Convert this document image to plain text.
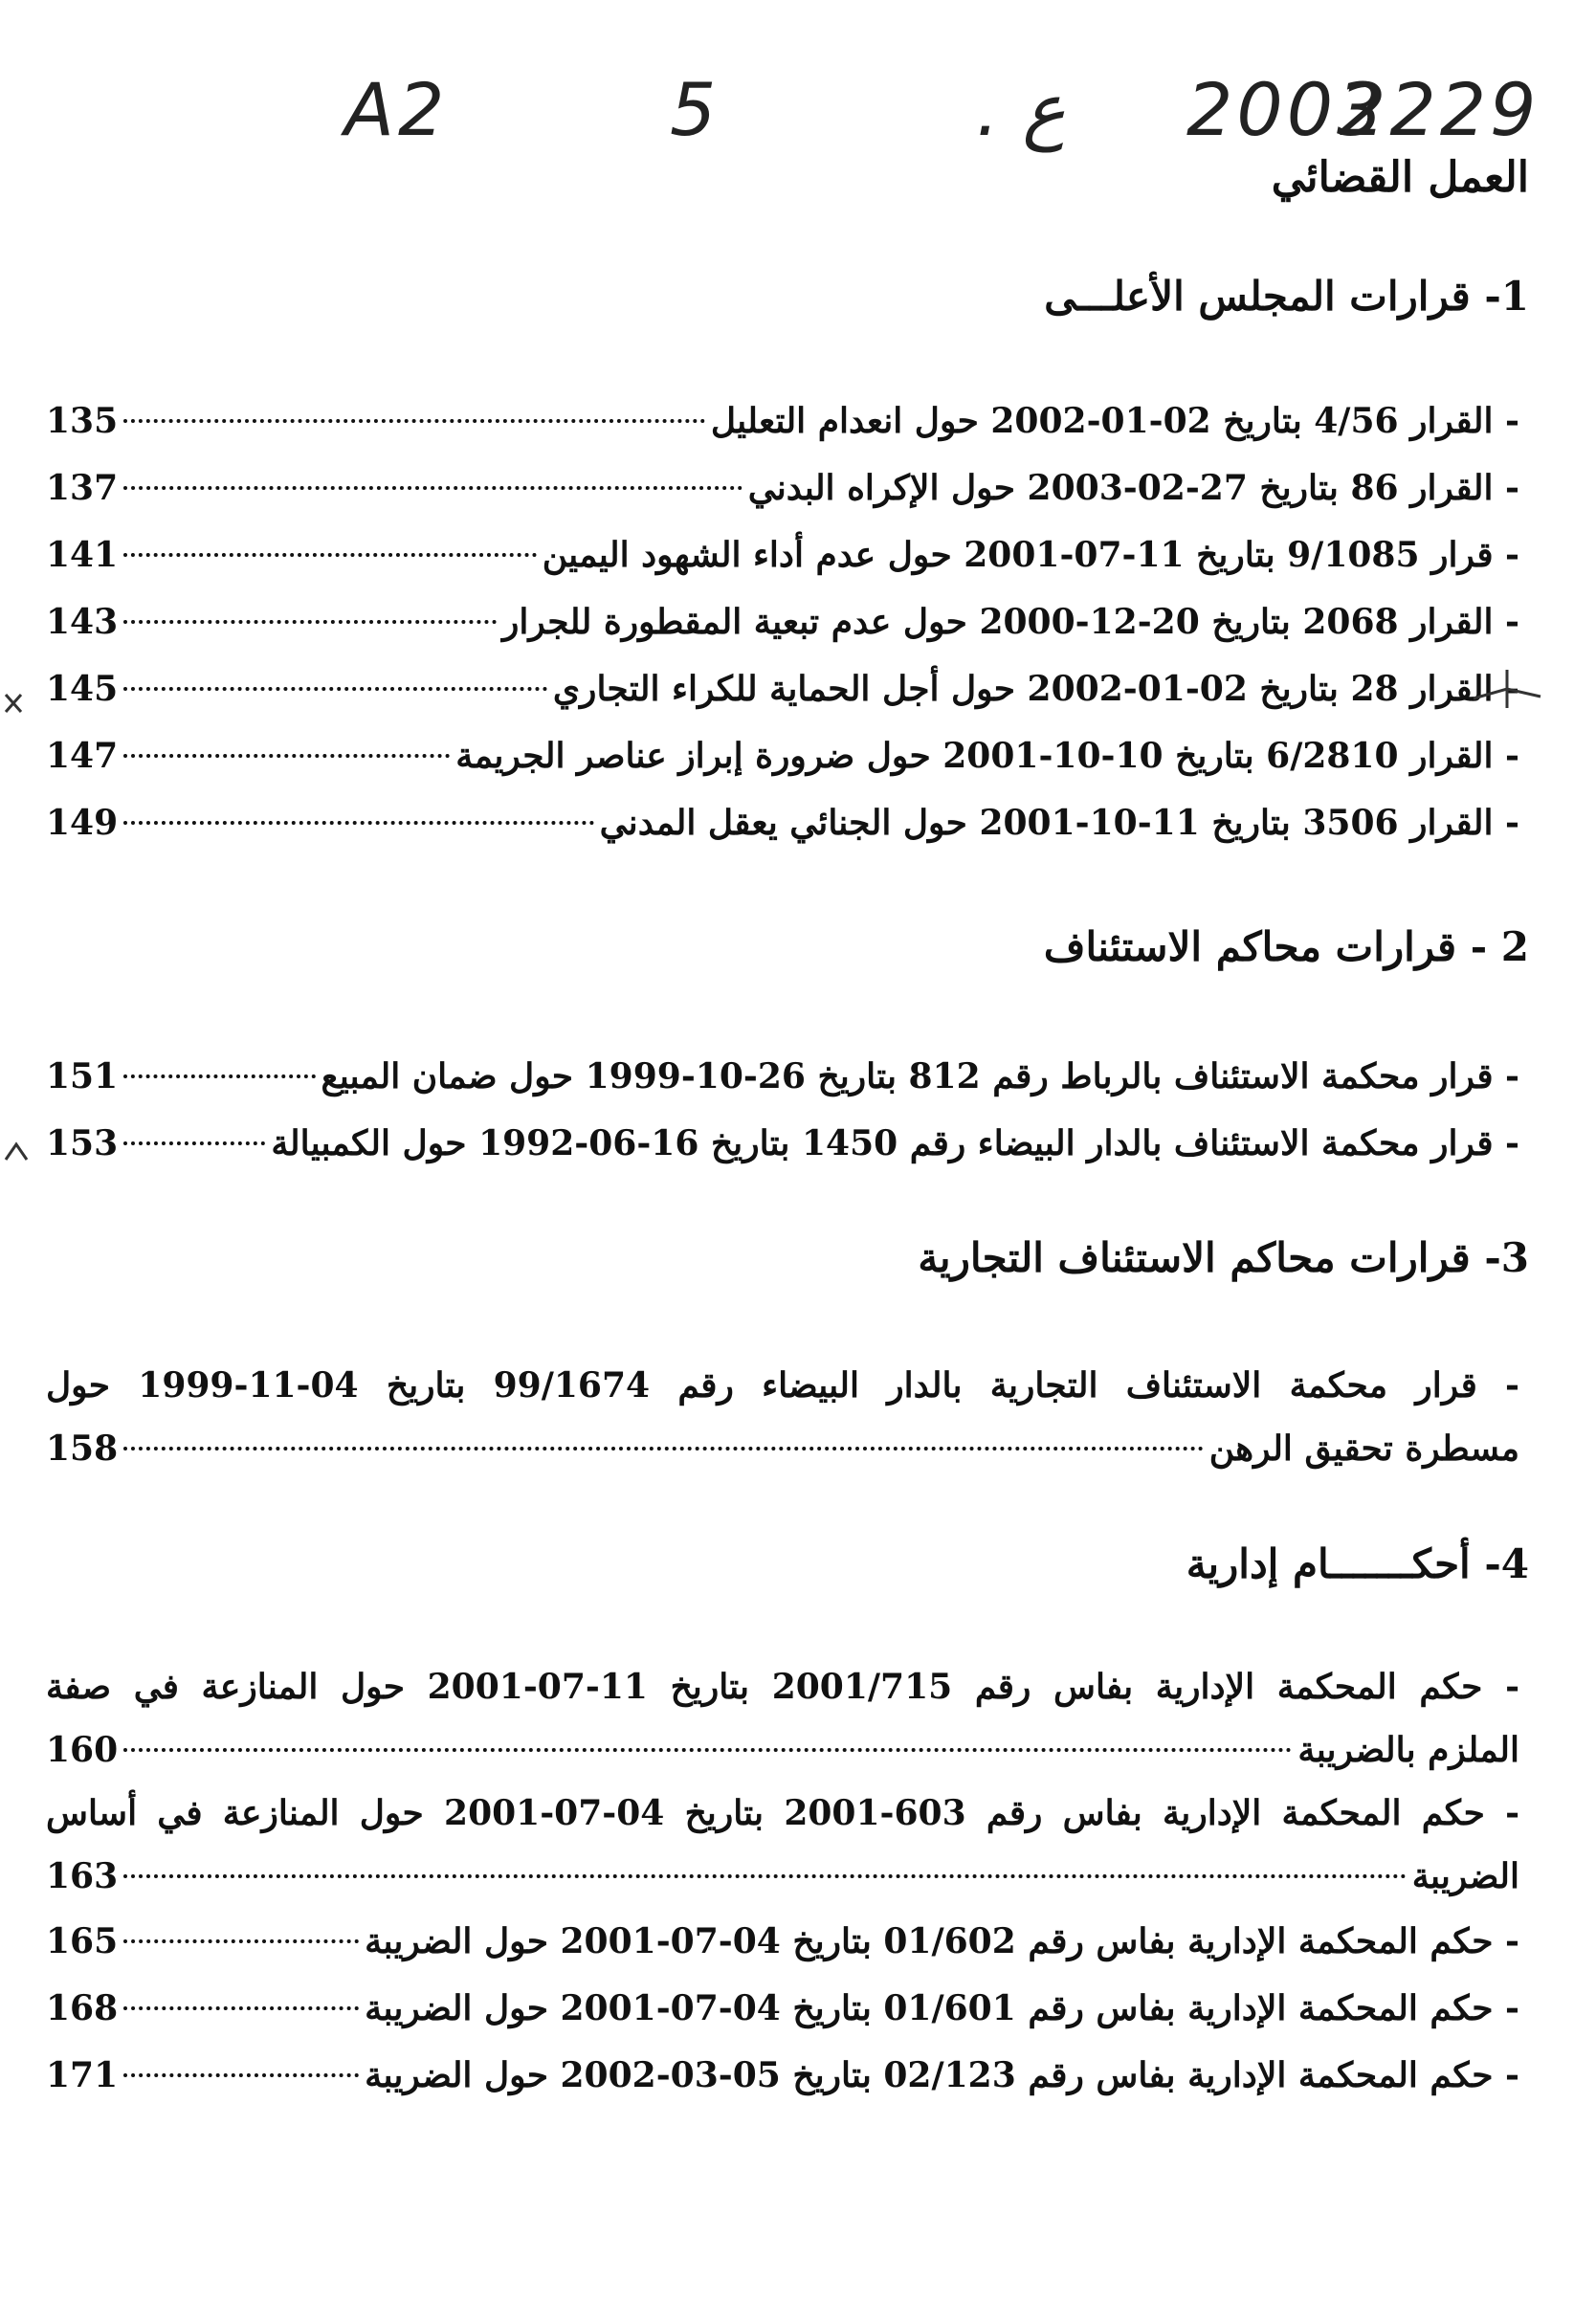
A2	5	. ع 2003
2229
العمل القضائي
1- قرارات المجلس الأعلـــى
- القرار 4/56 بتاريخ 02-01-2002 حول انعدام التعليل
135
- القرار 86 بتاريخ 27-02-2003 حول الإكراه البدني
137
- قرار 9/1085 بتاريخ 11-07-2001 حول عدم أداء الشهود اليمين
141
- القرار 2068 بتاريخ 20-12-2000 حول عدم تبعية المقطورة للجرار
143
- القرار 28 بتاريخ 02-01-2002 حول أجل الحماية للكراء التجاري
145
- القرار 6/2810 بتاريخ 10-10-2001 حول ضرورة إبراز عناصر الجريمة
147
- القرار 3506 بتاريخ 11-10-2001 حول الجنائي يعقل المدني
149
2 - قرارات محاكم الاستئناف
- قرار محكمة الاستئناف بالرباط رقم 812 بتاريخ 26-10-1999 حول ضمان المبيع
151
- قرار محكمة الاستئناف بالدار البيضاء رقم 1450 بتاريخ 16-06-1992 حول الكمبيالة
153
3- قرارات محاكم الاستئناف التجارية
- قرار محكمة الاستئناف التجارية بالدار البيضاء رقم 99/1674 بتاريخ 04-11-1999 حول
مسطرة تحقيق الرهن
158
4- أحكـــــــام إدارية
- حكم المحكمة الإدارية بفاس رقم 2001/715 بتاريخ 11-07-2001 حول المنازعة في صفة
الملزم بالضريبة
160
- حكم المحكمة الإدارية بفاس رقم 603-2001 بتاريخ 04-07-2001 حول المنازعة في أساس
الضريبة
163
- حكم المحكمة الإدارية بفاس رقم 01/602 بتاريخ 04-07-2001 حول الضريبة
165
- حكم المحكمة الإدارية بفاس رقم 01/601 بتاريخ 04-07-2001 حول الضريبة
168
- حكم المحكمة الإدارية بفاس رقم 02/123 بتاريخ 05-03-2002 حول الضريبة
171
